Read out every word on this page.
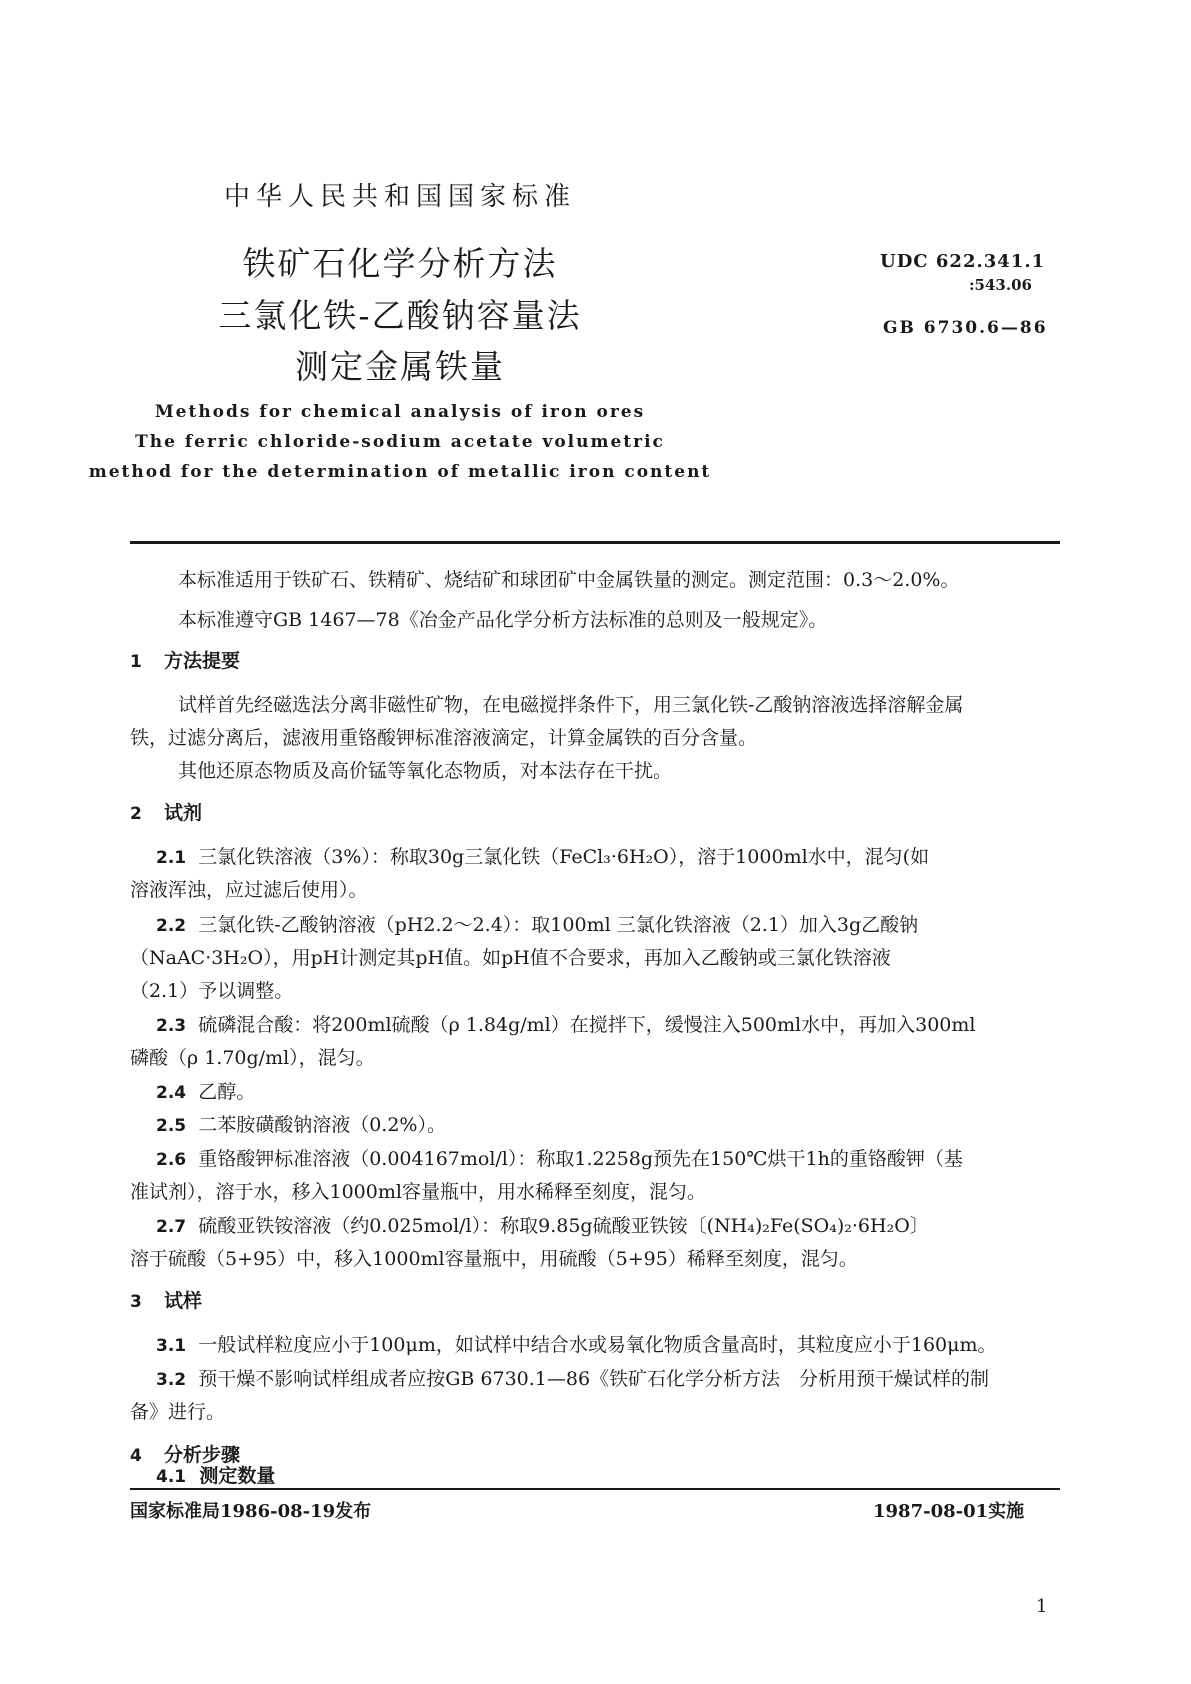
中华人民共和国国家标准
铁矿石化学分析方法
三氯化铁-乙酸钠容量法
测定金属铁量
Methods for chemical analysis of iron ores
The ferric chloride-sodium acetate volumetric
method for the determination of metallic iron content
UDC 622.341.1
:543.06
GB 6730.6—86
本标准适用于铁矿石、铁精矿、烧结矿和球团矿中金属铁量的测定。测定范围：0.3～2.0%。
本标准遵守GB 1467—78《冶金产品化学分析方法标准的总则及一般规定》。
1 方法提要
试样首先经磁选法分离非磁性矿物，在电磁搅拌条件下，用三氯化铁-乙酸钠溶液选择溶解金属
铁，过滤分离后，滤液用重铬酸钾标准溶液滴定，计算金属铁的百分含量。
其他还原态物质及高价锰等氧化态物质，对本法存在干扰。
2 试剂
2.1 三氯化铁溶液（3%）：称取30g三氯化铁（FeCl₃·6H₂O），溶于1000ml水中，混匀(如
溶液浑浊，应过滤后使用）。
2.2 三氯化铁-乙酸钠溶液（pH2.2～2.4）：取100ml 三氯化铁溶液（2.1）加入3g乙酸钠
（NaAC·3H₂O），用pH计测定其pH值。如pH值不合要求，再加入乙酸钠或三氯化铁溶液
（2.1）予以调整。
2.3 硫磷混合酸：将200ml硫酸（ρ 1.84g/ml）在搅拌下，缓慢注入500ml水中，再加入300ml
磷酸（ρ 1.70g/ml），混匀。
2.4 乙醇。
2.5 二苯胺磺酸钠溶液（0.2%）。
2.6 重铬酸钾标准溶液（0.004167mol/l）：称取1.2258g预先在150℃烘干1h的重铬酸钾（基
准试剂），溶于水，移入1000ml容量瓶中，用水稀释至刻度，混匀。
2.7 硫酸亚铁铵溶液（约0.025mol/l）：称取9.85g硫酸亚铁铵〔(NH₄)₂Fe(SO₄)₂·6H₂O〕
溶于硫酸（5+95）中，移入1000ml容量瓶中，用硫酸（5+95）稀释至刻度，混匀。
3 试样
3.1 一般试样粒度应小于100μm，如试样中结合水或易氧化物质含量高时，其粒度应小于160μm。
3.2 预干燥不影响试样组成者应按GB 6730.1—86《铁矿石化学分析方法　分析用预干燥试样的制
备》进行。
4 分析步骤
4.1 测定数量
国家标准局1986-08-19发布	1987-08-01实施
1
